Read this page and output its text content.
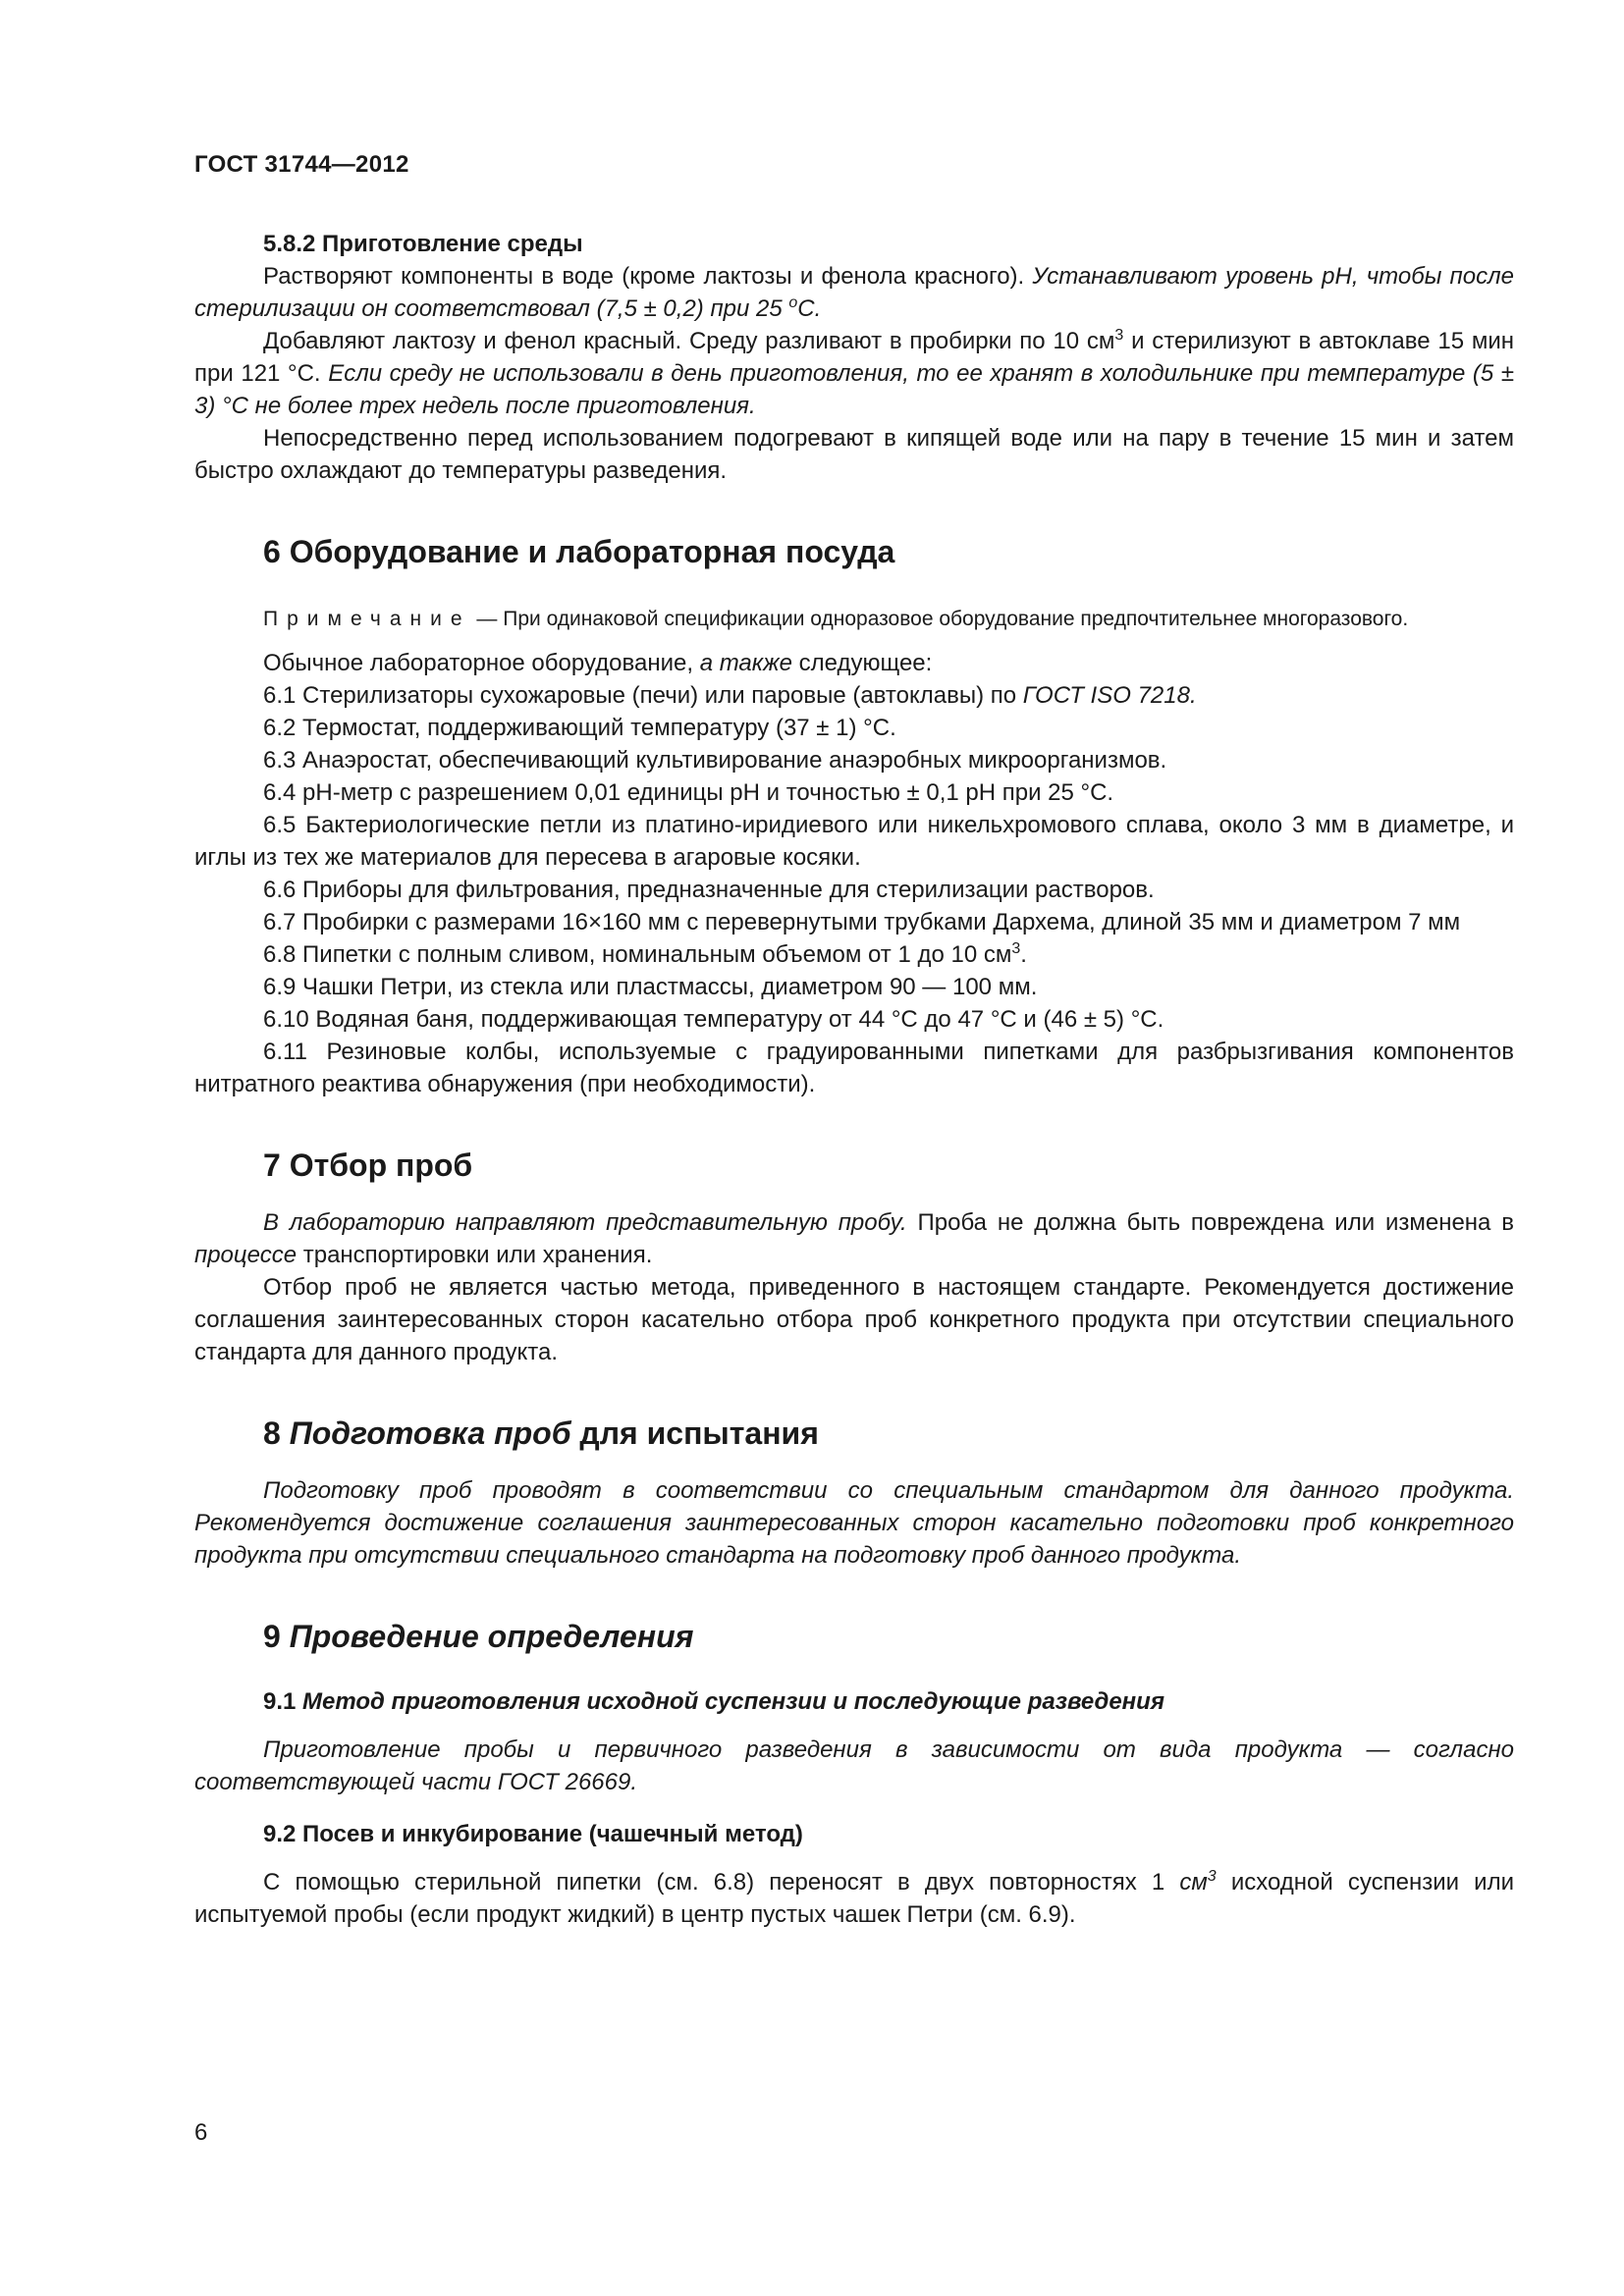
ГОСТ 31744—2012
5.8.2 Приготовление среды

Растворяют компоненты в воде (кроме лактозы и фенола красного). Устанавливают уровень рН, чтобы после стерилизации он соответствовал (7,5 ± 0,2) при 25 $^о$С.

Добавляют лактозу и фенол красный. Среду разливают в пробирки по 10 $см^3$ и стерилизуют в автоклаве 15 мин при 121 °С. Если среду не использовали в день приготовления, то ее хранят в холодильнике при температуре (5 ± 3) °С не более трех недель после приготовления.

Непосредственно перед использованием подогревают в кипящей воде или на пару в течение 15 мин и затем быстро охлаждают до температуры разведения.

6 Оборудование и лабораторная посуда

Примечание — При одинаковой спецификации одноразовое оборудование предпочтительнее многоразового.

Обычное лабораторное оборудование, а также следующее:

6.1 Стерилизаторы сухожаровые (печи) или паровые (автоклавы) по ГОСТ ISO 7218.

6.2 Термостат, поддерживающий температуру (37 ± 1) °С.

6.3 Анаэростат, обеспечивающий культивирование анаэробных микроорганизмов.

6.4 рН-метр с разрешением 0,01 единицы рН и точностью ± 0,1 рН при 25 °С.

6.5 Бактериологические петли из платино-иридиевого или никельхромового сплава, около 3 мм в диаметре, и иглы из тех же материалов для пересева в агаровые косяки.

6.6 Приборы для фильтрования, предназначенные для стерилизации растворов.

6.7 Пробирки с размерами 16×160 мм с перевернутыми трубками Дархема, длиной 35 мм и диаметром 7 мм

6.8 Пипетки с полным сливом, номинальным объемом от 1 до 10 $см^3$.

6.9 Чашки Петри, из стекла или пластмассы, диаметром 90 — 100 мм.

6.10 Водяная баня, поддерживающая температуру от 44 °С до 47 °С и (46 ± 5) °С.

6.11 Резиновые колбы, используемые с градуированными пипетками для разбрызгивания компонентов нитратного реактива обнаружения (при необходимости).

7 Отбор проб

В лабораторию направляют представительную пробу. Проба не должна быть повреждена или изменена в процессе транспортировки или хранения.

Отбор проб не является частью метода, приведенного в настоящем стандарте. Рекомендуется достижение соглашения заинтересованных сторон касательно отбора проб конкретного продукта при отсутствии специального стандарта для данного продукта.

8 Подготовка проб для испытания

Подготовку проб проводят в соответствии со специальным стандартом для данного продукта. Рекомендуется достижение соглашения заинтересованных сторон касательно подготовки проб конкретного продукта при отсутствии специального стандарта на подготовку проб данного продукта.

9 Проведение определения
9.1 Метод приготовления исходной суспензии и последующие разведения

Приготовление пробы и первичного разведения в зависимости от вида продукта — согласно соответствующей части ГОСТ 26669.

9.2 Посев и инкубирование (чашечный метод)

С помощью стерильной пипетки (см. 6.8) переносят в двух повторностях 1 $см^3$ исходной суспензии или испытуемой пробы (если продукт жидкий) в центр пустых чашек Петри (см. 6.9).

6
